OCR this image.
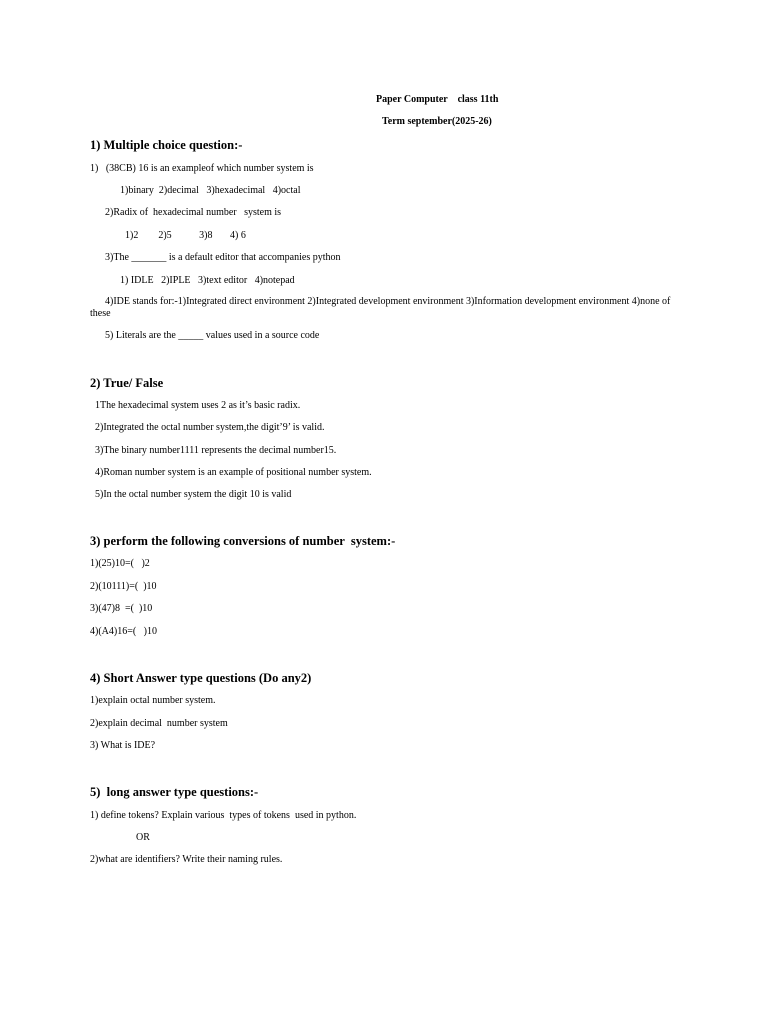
Paper Computer    class 11th
Term september(2025-26)
1) Multiple choice question:-
1)   (38CB) 16 is an exampleof which number system is
1)binary  2)decimal   3)hexadecimal   4)octal
2)Radix of  hexadecimal number   system is
1)2        2)5           3)8       4) 6
3)The _______ is a default editor that accompanies python
1) IDLE   2)IPLE   3)text editor   4)notepad
4)IDE stands for:-1)Integrated direct environment 2)Integrated development environment 3)Information development environment 4)none of these
5) Literals are the _____ values used in a source code
2) True/ False
1The hexadecimal system uses 2 as it’s basic radix.
2)Integrated the octal number system,the digit’9’ is valid.
3)The binary number1111 represents the decimal number15.
4)Roman number system is an example of positional number system.
5)In the octal number system the digit 10 is valid
3) perform the following conversions of number  system:-
1)(25)10=(   )2
2)(10111)=(  )10
3)(47)8  =(  )10
4)(A4)16=(   )10
4) Short Answer type questions (Do any2)
1)explain octal number system.
2)explain decimal  number system
3) What is IDE?
5)  long answer type questions:-
1) define tokens? Explain various  types of tokens  used in python.
OR
2)what are identifiers? Write their naming rules.
